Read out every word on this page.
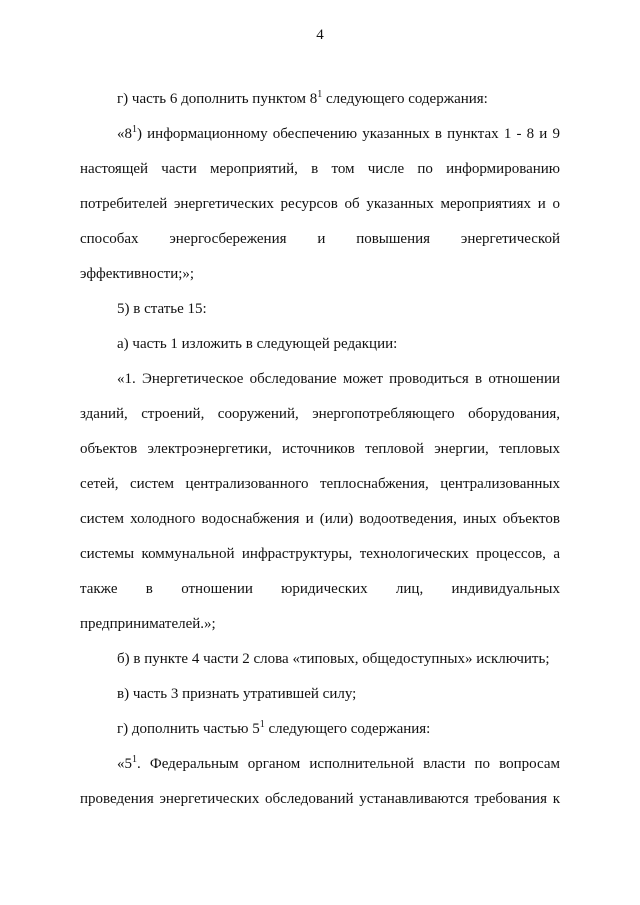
4

г) часть 6 дополнить пунктом $8^1$ следующего содержания:

«$8^1$) информационному обеспечению указанных в пунктах 1 - 8 и 9 настоящей части мероприятий, в том числе по информированию потребителей энергетических ресурсов об указанных мероприятиях и о способах энергосбережения и повышения энергетической эффективности;»;

5) в статье 15:

а) часть 1 изложить в следующей редакции:

«1. Энергетическое обследование может проводиться в отношении зданий, строений, сооружений, энергопотребляющего оборудования, объектов электроэнергетики, источников тепловой энергии, тепловых сетей, систем централизованного теплоснабжения, централизованных систем холодного водоснабжения и (или) водоотведения, иных объектов системы коммунальной инфраструктуры, технологических процессов, а также в отношении юридических лиц, индивидуальных предпринимателей.»;

б) в пункте 4 части 2 слова «типовых, общедоступных» исключить;

в) часть 3 признать утратившей силу;

г) дополнить частью $5^1$ следующего содержания:

«$5^1$. Федеральным органом исполнительной власти по вопросам проведения энергетических обследований устанавливаются требования к
